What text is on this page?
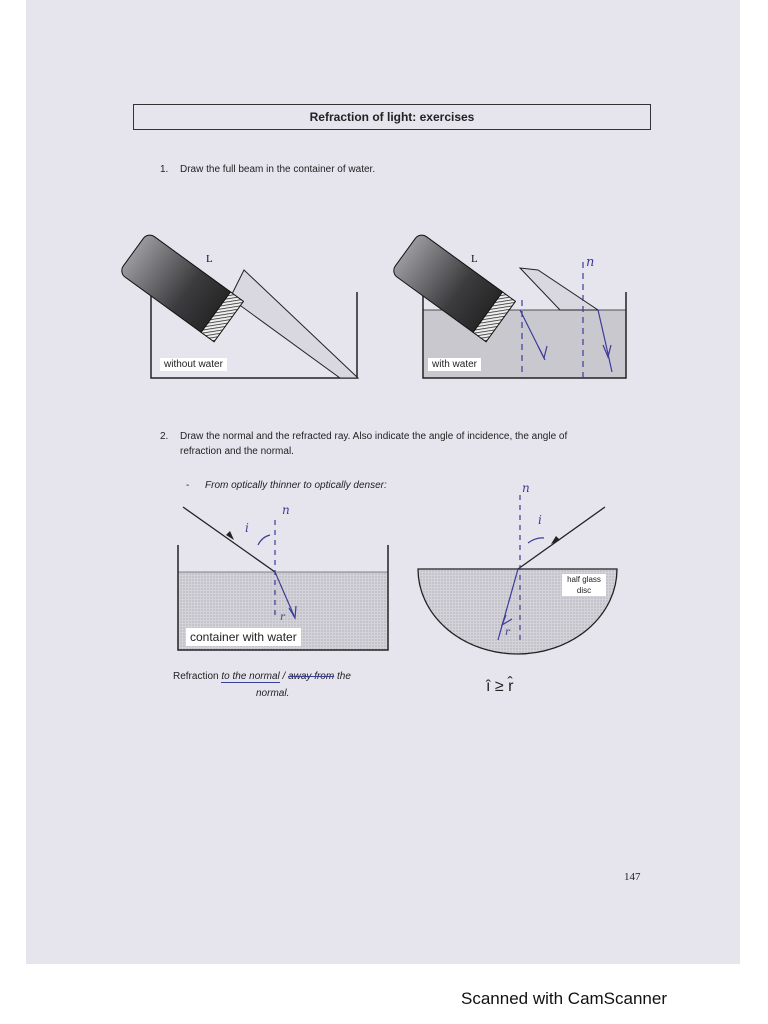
Refraction of light: exercises
1. Draw the full beam in the container of water.
L	L	n
n
i
r
n
i
r
without water	with water
2. Draw the normal and the refracted ray. Also indicate the angle of incidence, the angle of
refraction and the normal.
- From optically thinner to optically denser:
container with water
half glass
disc
Refraction to the normal / away from the
normal.	î ≥ r̂
147
Scanned with CamScanner
